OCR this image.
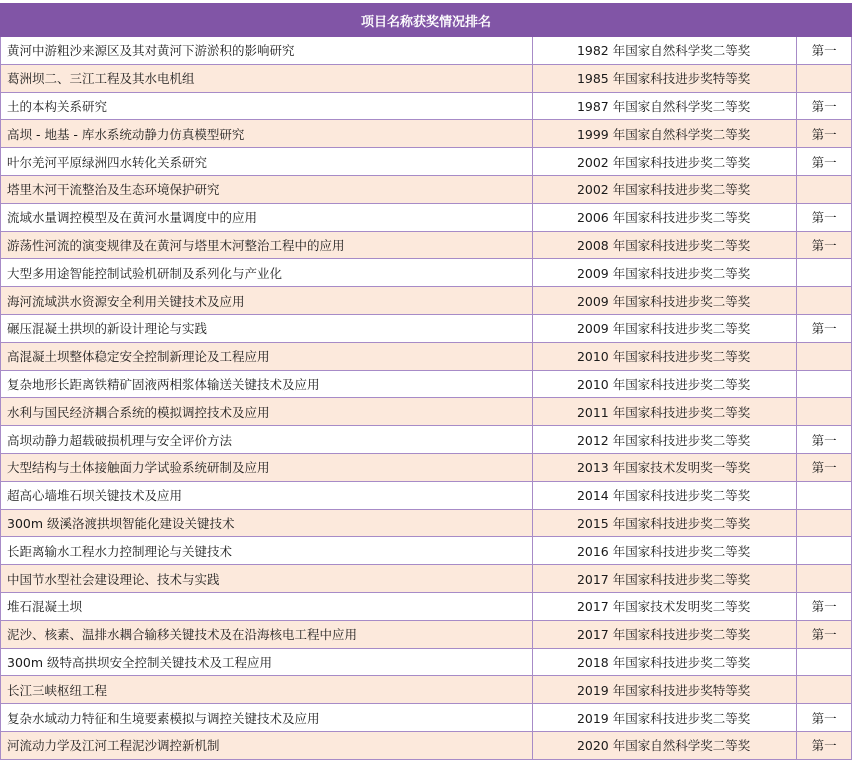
项目名称获奖情况排名		
黄河中游粗沙来源区及其对黄河下游淤积的影响研究	1982 年国家自然科学奖二等奖	第一
葛洲坝二、三江工程及其水电机组	1985 年国家科技进步奖特等奖	
土的本构关系研究	1987 年国家自然科学奖二等奖	第一
高坝 - 地基 - 库水系统动静力仿真模型研究	1999 年国家自然科学奖二等奖	第一
叶尔羌河平原绿洲四水转化关系研究	2002 年国家科技进步奖二等奖	第一
塔里木河干流整治及生态环境保护研究	2002 年国家科技进步奖二等奖	
流域水量调控模型及在黄河水量调度中的应用	2006 年国家科技进步奖二等奖	第一
游荡性河流的演变规律及在黄河与塔里木河整治工程中的应用	2008 年国家科技进步奖二等奖	第一
大型多用途智能控制试验机研制及系列化与产业化	2009 年国家科技进步奖二等奖	
海河流域洪水资源安全利用关键技术及应用	2009 年国家科技进步奖二等奖	
碾压混凝土拱坝的新设计理论与实践	2009 年国家科技进步奖二等奖	第一
高混凝土坝整体稳定安全控制新理论及工程应用	2010 年国家科技进步奖二等奖	
复杂地形长距离铁精矿固液两相浆体输送关键技术及应用	2010 年国家科技进步奖二等奖	
水利与国民经济耦合系统的模拟调控技术及应用	2011 年国家科技进步奖二等奖	
高坝动静力超载破损机理与安全评价方法	2012 年国家科技进步奖二等奖	第一
大型结构与土体接触面力学试验系统研制及应用	2013 年国家技术发明奖一等奖	第一
超高心墙堆石坝关键技术及应用	2014 年国家科技进步奖二等奖	
300m 级溪洛渡拱坝智能化建设关键技术	2015 年国家科技进步奖二等奖	
长距离输水工程水力控制理论与关键技术	2016 年国家科技进步奖二等奖	
中国节水型社会建设理论、技术与实践	2017 年国家科技进步奖二等奖	
堆石混凝土坝	2017 年国家技术发明奖二等奖	第一
泥沙、核素、温排水耦合输移关键技术及在沿海核电工程中应用	2017 年国家科技进步奖二等奖	第一
300m 级特高拱坝安全控制关键技术及工程应用	2018 年国家科技进步奖二等奖	
长江三峡枢纽工程	2019 年国家科技进步奖特等奖	
复杂水域动力特征和生境要素模拟与调控关键技术及应用	2019 年国家科技进步奖二等奖	第一
河流动力学及江河工程泥沙调控新机制	2020 年国家自然科学奖二等奖	第一
